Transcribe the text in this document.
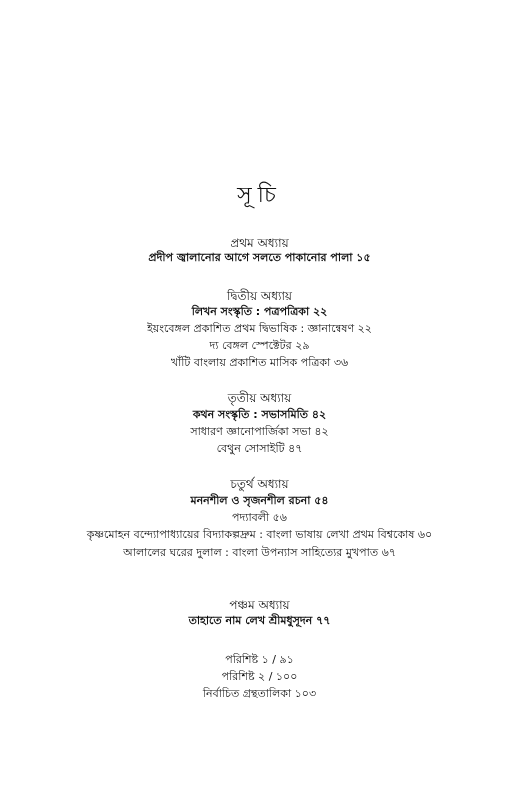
সূচি
প্রথম অধ্যায়
প্রদীপ জ্বালানোর আগে সলতে পাকানোর পালা ১৫
দ্বিতীয় অধ্যায়
লিখন সংস্কৃতি : পত্রপত্রিকা ২২
ইয়ংবেঙ্গল প্রকাশিত প্রথম দ্বিভাষিক : জ্ঞানান্বেষণ ২২
দ্য বেঙ্গল স্পেক্টেটর ২৯
খাঁটি বাংলায় প্রকাশিত মাসিক পত্রিকা ৩৬
তৃতীয় অধ্যায়
কথন সংস্কৃতি : সভাসমিতি ৪২
সাধারণ জ্ঞানোপার্জিকা সভা ৪২
বেথুন সোসাইটি ৪৭
চতুর্থ অধ্যায়
মননশীল ও সৃজনশীল রচনা ৫৪
পদ্যাবলী ৫৬
কৃষ্ণমোহন বন্দ্যোপাধ্যায়ের বিদ্যাকল্পদ্রুম : বাংলা ভাষায় লেখা প্রথম বিশ্বকোষ ৬০
আলালের ঘরের দুলাল : বাংলা উপন্যাস সাহিত্যের মুখপাত ৬৭
পঞ্চম অধ্যায়
তাহাতে নাম লেখ শ্রীমধুসূদন ৭৭
পরিশিষ্ট ১ / ৯১
পরিশিষ্ট ২ / ১০০
নির্বাচিত গ্রন্থতালিকা ১০৩
